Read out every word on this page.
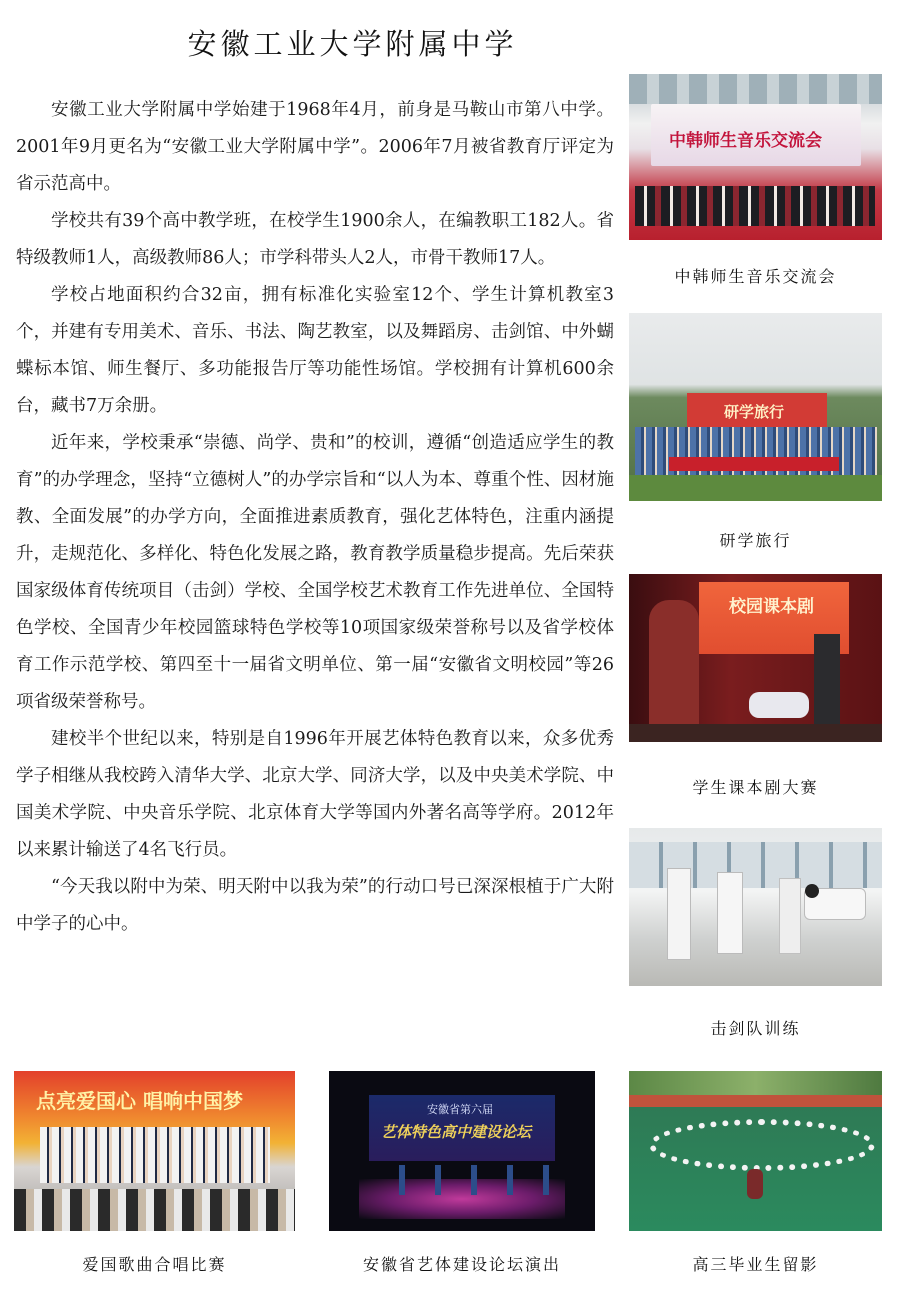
安徽工业大学附属中学

安徽工业大学附属中学始建于1968年4月，前身是马鞍山市第八中学。2001年9月更名为“安徽工业大学附属中学”。2006年7月被省教育厅评定为省示范高中。

学校共有39个高中教学班，在校学生1900余人，在编教职工182人。省特级教师1人，高级教师86人；市学科带头人2人，市骨干教师17人。

学校占地面积约合32亩，拥有标准化实验室12个、学生计算机教室3个，并建有专用美术、音乐、书法、陶艺教室，以及舞蹈房、击剑馆、中外蝴蝶标本馆、师生餐厅、多功能报告厅等功能性场馆。学校拥有计算机600余台，藏书7万余册。

近年来，学校秉承“崇德、尚学、贵和”的校训，遵循“创造适应学生的教育”的办学理念，坚持“立德树人”的办学宗旨和“以人为本、尊重个性、因材施教、全面发展”的办学方向，全面推进素质教育，强化艺体特色，注重内涵提升，走规范化、多样化、特色化发展之路，教育教学质量稳步提高。先后荣获国家级体育传统项目（击剑）学校、全国学校艺术教育工作先进单位、全国特色学校、全国青少年校园篮球特色学校等10项国家级荣誉称号以及省学校体育工作示范学校、第四至十一届省文明单位、第一届“安徽省文明校园”等26项省级荣誉称号。

建校半个世纪以来，特别是自1996年开展艺体特色教育以来，众多优秀学子相继从我校跨入清华大学、北京大学、同济大学，以及中央美术学院、中国美术学院、中央音乐学院、北京体育大学等国内外著名高等学府。2012年以来累计输送了4名飞行员。

“今天我以附中为荣、明天附中以我为荣”的行动口号已深深根植于广大附中学子的心中。

中韩师生音乐交流会
中韩师生音乐交流会
研学旅行
研学旅行
校园课本剧
学生课本剧大赛
击剑队训练
点亮爱国心 唱响中国梦
爱国歌曲合唱比赛
安徽省第六届
艺体特色高中建设论坛
安徽省艺体建设论坛演出	高三毕业生留影
